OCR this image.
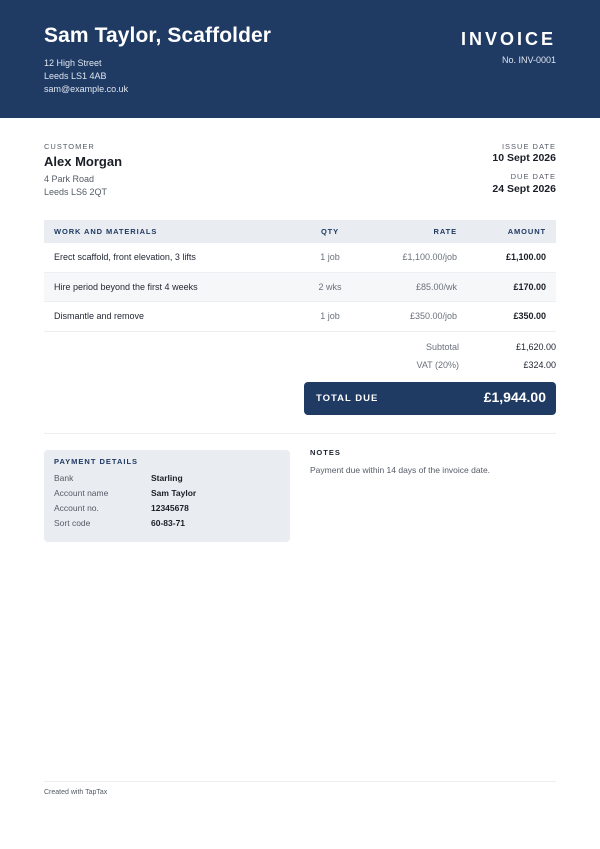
Sam Taylor, Scaffolder
12 High Street
Leeds LS1 4AB
sam@example.co.uk
INVOICE
No. INV-0001
CUSTOMER
Alex Morgan
4 Park Road
Leeds LS6 2QT
ISSUE DATE
10 Sept 2026
DUE DATE
24 Sept 2026
WORK AND MATERIALS	QTY	RATE	AMOUNT
Erect scaffold, front elevation, 3 lifts	1 job	£1,100.00/job	£1,100.00
Hire period beyond the first 4 weeks	2 wks	£85.00/wk	£170.00
Dismantle and remove	1 job	£350.00/job	£350.00
Subtotal	£1,620.00
VAT (20%)	£324.00
TOTAL DUE	£1,944.00
PAYMENT DETAILS
Bank	Starling
Account name	Sam Taylor
Account no.	12345678
Sort code	60-83-71
NOTES
Payment due within 14 days of the invoice date.
Created with TapTax
